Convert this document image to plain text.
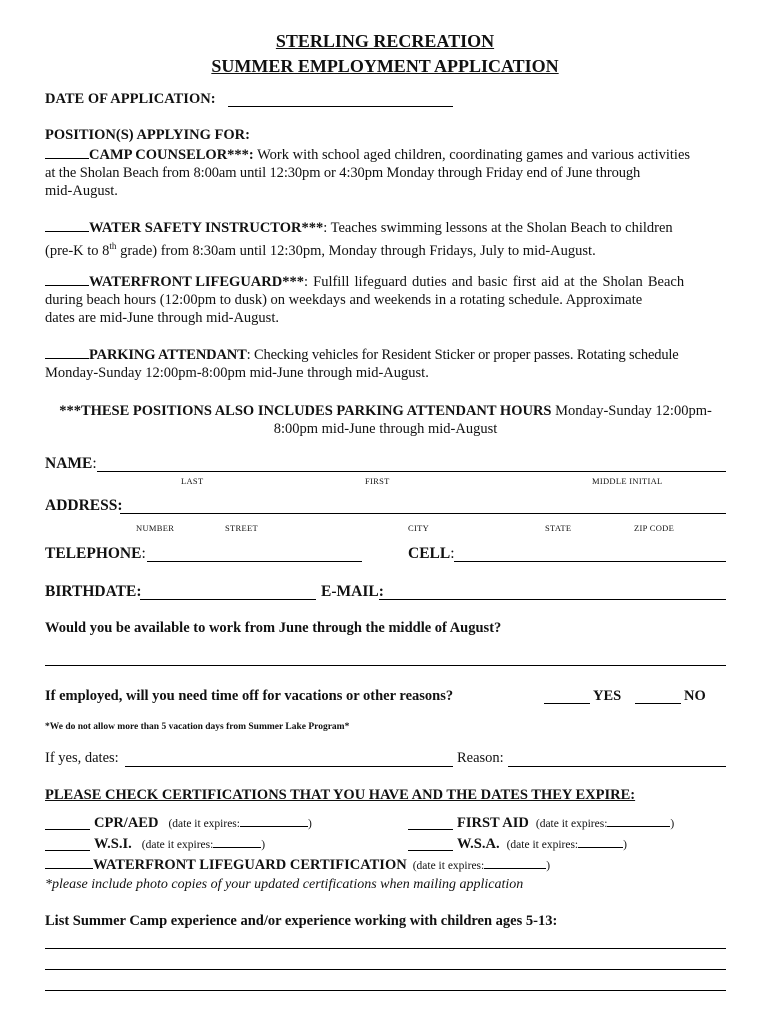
STERLING RECREATION
SUMMER EMPLOYMENT APPLICATION
DATE OF APPLICATION:
POSITION(S) APPLYING FOR:
CAMP COUNSELOR***: Work with school aged children, coordinating games and various activities
at the Sholan Beach from 8:00am until 12:30pm or 4:30pm Monday through Friday end of June through
mid-August.
WATER SAFETY INSTRUCTOR***: Teaches swimming lessons at the Sholan Beach to children
(pre-K to 8th grade) from 8:30am until 12:30pm, Monday through Fridays, July to mid-August.
WATERFRONT LIFEGUARD***: Fulfill lifeguard duties and basic first aid at the Sholan Beach
during beach hours (12:00pm to dusk) on weekdays and weekends in a rotating schedule. Approximate
dates are mid-June through mid-August.
PARKING ATTENDANT: Checking vehicles for Resident Sticker or proper passes. Rotating schedule
Monday-Sunday 12:00pm-8:00pm mid-June through mid-August.
***THESE POSITIONS ALSO INCLUDES PARKING ATTENDANT HOURS Monday-Sunday 12:00pm-
8:00pm mid-June through mid-August
NAME:
LAST	FIRST	MIDDLE INITIAL
ADDRESS:
NUMBER	STREET	CITY	STATE	ZIP CODE
TELEPHONE:	CELL:
BIRTHDATE:	E-MAIL:
Would you be available to work from June through the middle of August?
If employed, will you need time off for vacations or other reasons?	YES	NO
*We do not allow more than 5 vacation days from Summer Lake Program*
If yes, dates:	Reason:
PLEASE CHECK CERTIFICATIONS THAT YOU HAVE AND THE DATES THEY EXPIRE:
CPR/AED (date it expires:	)	FIRST AID (date it expires:	)
W.S.I. (date it expires:	)	W.S.A. (date it expires:	)
WATERFRONT LIFEGUARD CERTIFICATION (date it expires:	)
*please include photo copies of your updated certifications when mailing application
List Summer Camp experience and/or experience working with children ages 5-13:
